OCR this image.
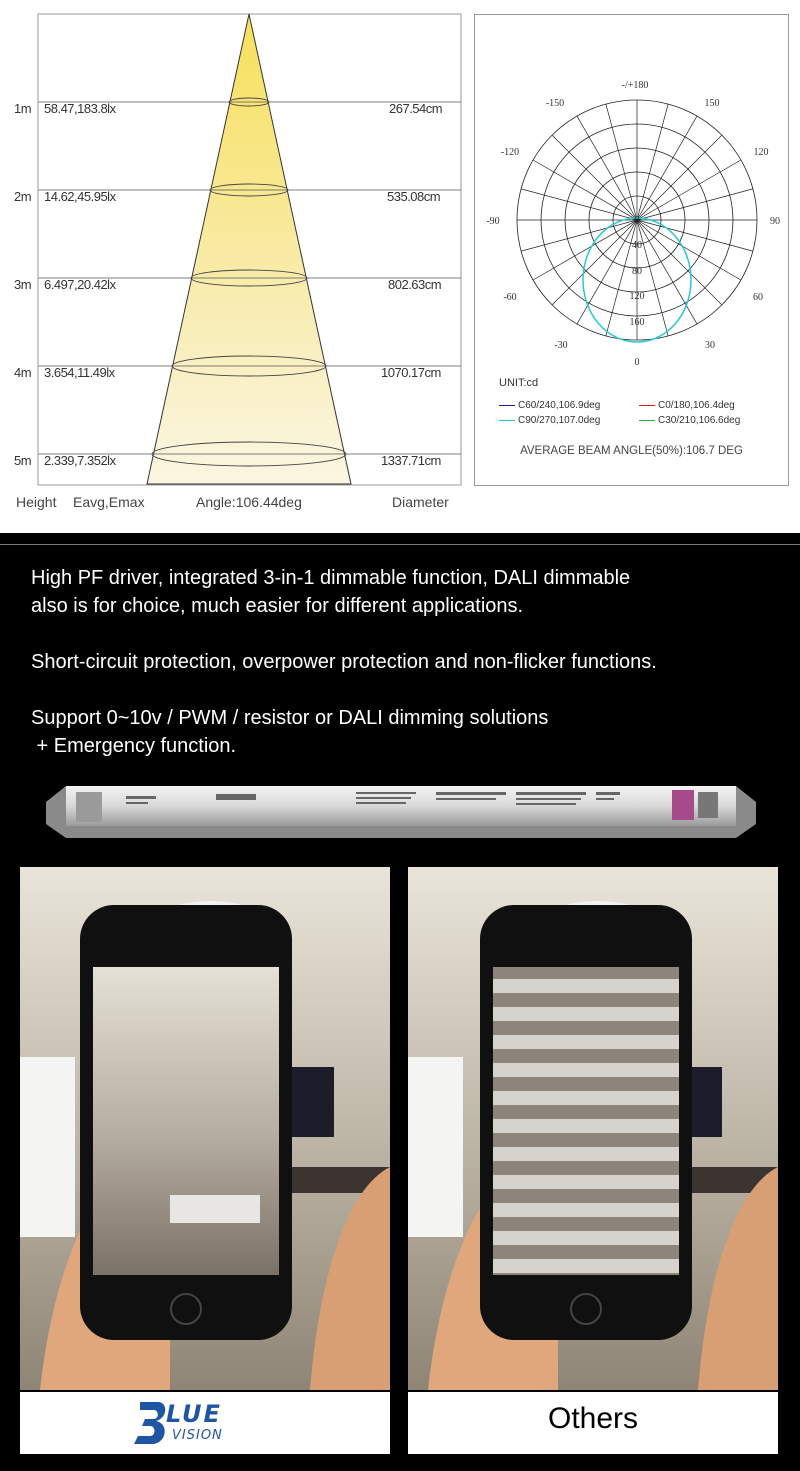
1m 58.47,183.8lx	267.54cm
2m 14.62,45.95lx	535.08cm
3m 6.497,20.42lx	802.63cm
4m 3.654,11.49lx	1070.17cm
5m 2.339,7.352lx	1337.71cm
Height Eavg,Emax	Angle:106.44deg	Diameter
-/+180
-150	150
-120	120
-90	90
-60	60
-30	30
0
0
40
80
120
160
UNIT:cd
C60/240,106.9deg	C0/180,106.4deg
C90/270,107.0deg	C30/210,106.6deg
AVERAGE BEAM ANGLE(50%):106.7 DEG

High PF driver, integrated 3-in-1 dimmable function, DALI dimmable
also is for choice, much easier for different applications.

Short-circuit protection, overpower protection and non-flicker functions.

Support 0~10v / PWM / resistor or DALI dimming solutions
+ Emergency function.

LUE
VISION
Others
